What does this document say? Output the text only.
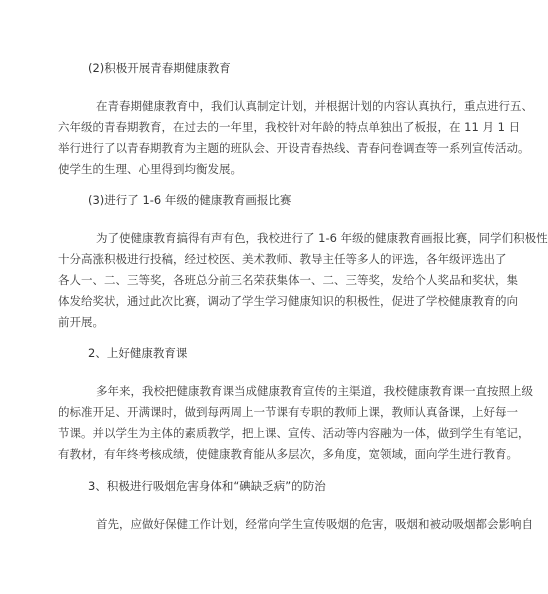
(2)积极开展青春期健康教育
在青春期健康教育中，我们认真制定计划，并根据计划的内容认真执行，重点进行五、
六年级的青春期教育，在过去的一年里，我校针对年龄的特点单独出了板报，在 11 月 1 日
举行进行了以青春期教育为主题的班队会、开设青春热线、青春问卷调查等一系列宣传活动。
使学生的生理、心里得到均衡发展。
(3)进行了 1-6 年级的健康教育画报比赛
为了使健康教育搞得有声有色，我校进行了 1-6 年级的健康教育画报比赛，同学们积极性
十分高涨积极进行投稿，经过校医、美术教师、教导主任等多人的评选，各年级评选出了
各人一、二、三等奖，各班总分前三名荣获集体一、二、三等奖，发给个人奖品和奖状，集
体发给奖状，通过此次比赛，调动了学生学习健康知识的积极性，促进了学校健康教育的向
前开展。
2、上好健康教育课
多年来，我校把健康教育课当成健康教育宣传的主渠道，我校健康教育课一直按照上级
的标准开足、开满课时，做到每两周上一节课有专职的教师上课，教师认真备课，上好每一
节课。并以学生为主体的素质教学，把上课、宣传、活动等内容融为一体，做到学生有笔记，
有教材，有年终考核成绩，使健康教育能从多层次，多角度，宽领域，面向学生进行教育。
3、积极进行吸烟危害身体和“碘缺乏病”的防治
首先，应做好保健工作计划，经常向学生宣传吸烟的危害，吸烟和被动吸烟都会影响自
